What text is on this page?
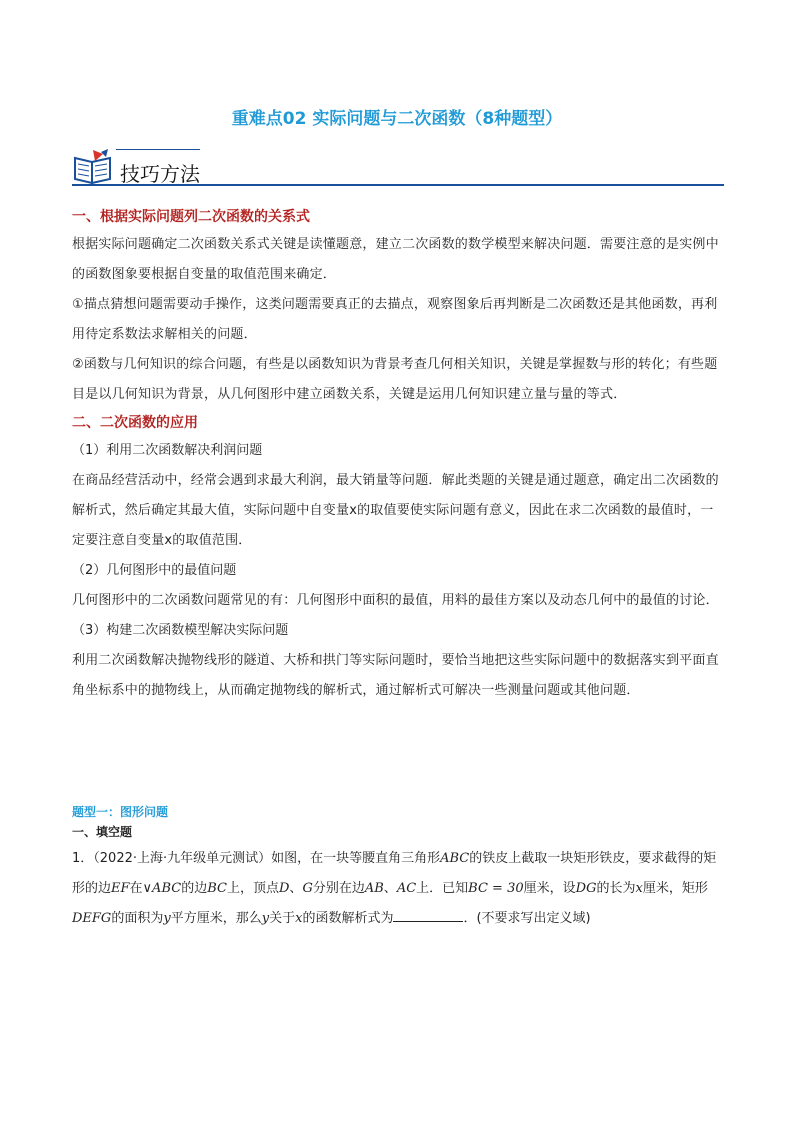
重难点02 实际问题与二次函数（8种题型）
技巧方法
一、根据实际问题列二次函数的关系式

根据实际问题确定二次函数关系式关键是读懂题意，建立二次函数的数学模型来解决问题．需要注意的是实例中的函数图象要根据自变量的取值范围来确定．

①描点猜想问题需要动手操作，这类问题需要真正的去描点，观察图象后再判断是二次函数还是其他函数，再利用待定系数法求解相关的问题．

②函数与几何知识的综合问题，有些是以函数知识为背景考查几何相关知识，关键是掌握数与形的转化；有些题目是以几何知识为背景，从几何图形中建立函数关系，关键是运用几何知识建立量与量的等式．

二、二次函数的应用

（1）利用二次函数解决利润问题

在商品经营活动中，经常会遇到求最大利润，最大销量等问题．解此类题的关键是通过题意，确定出二次函数的解析式，然后确定其最大值，实际问题中自变量x的取值要使实际问题有意义，因此在求二次函数的最值时，一定要注意自变量x的取值范围．

（2）几何图形中的最值问题

几何图形中的二次函数问题常见的有：几何图形中面积的最值，用料的最佳方案以及动态几何中的最值的讨论．

（3）构建二次函数模型解决实际问题

利用二次函数解决抛物线形的隧道、大桥和拱门等实际问题时，要恰当地把这些实际问题中的数据落实到平面直角坐标系中的抛物线上，从而确定抛物线的解析式，通过解析式可解决一些测量问题或其他问题．

题型一：图形问题

一、填空题

1．（2022·上海·九年级单元测试）如图，在一块等腰直角三角形ABC的铁皮上截取一块矩形铁皮，要求截得的矩形的边EF在∨ABC的边BC上，顶点D、G分别在边AB、AC上．已知BC = 30厘米，设DG的长为x厘米，矩形DEFG的面积为y平方厘米，那么y关于x的函数解析式为	．(不要求写出定义域)
